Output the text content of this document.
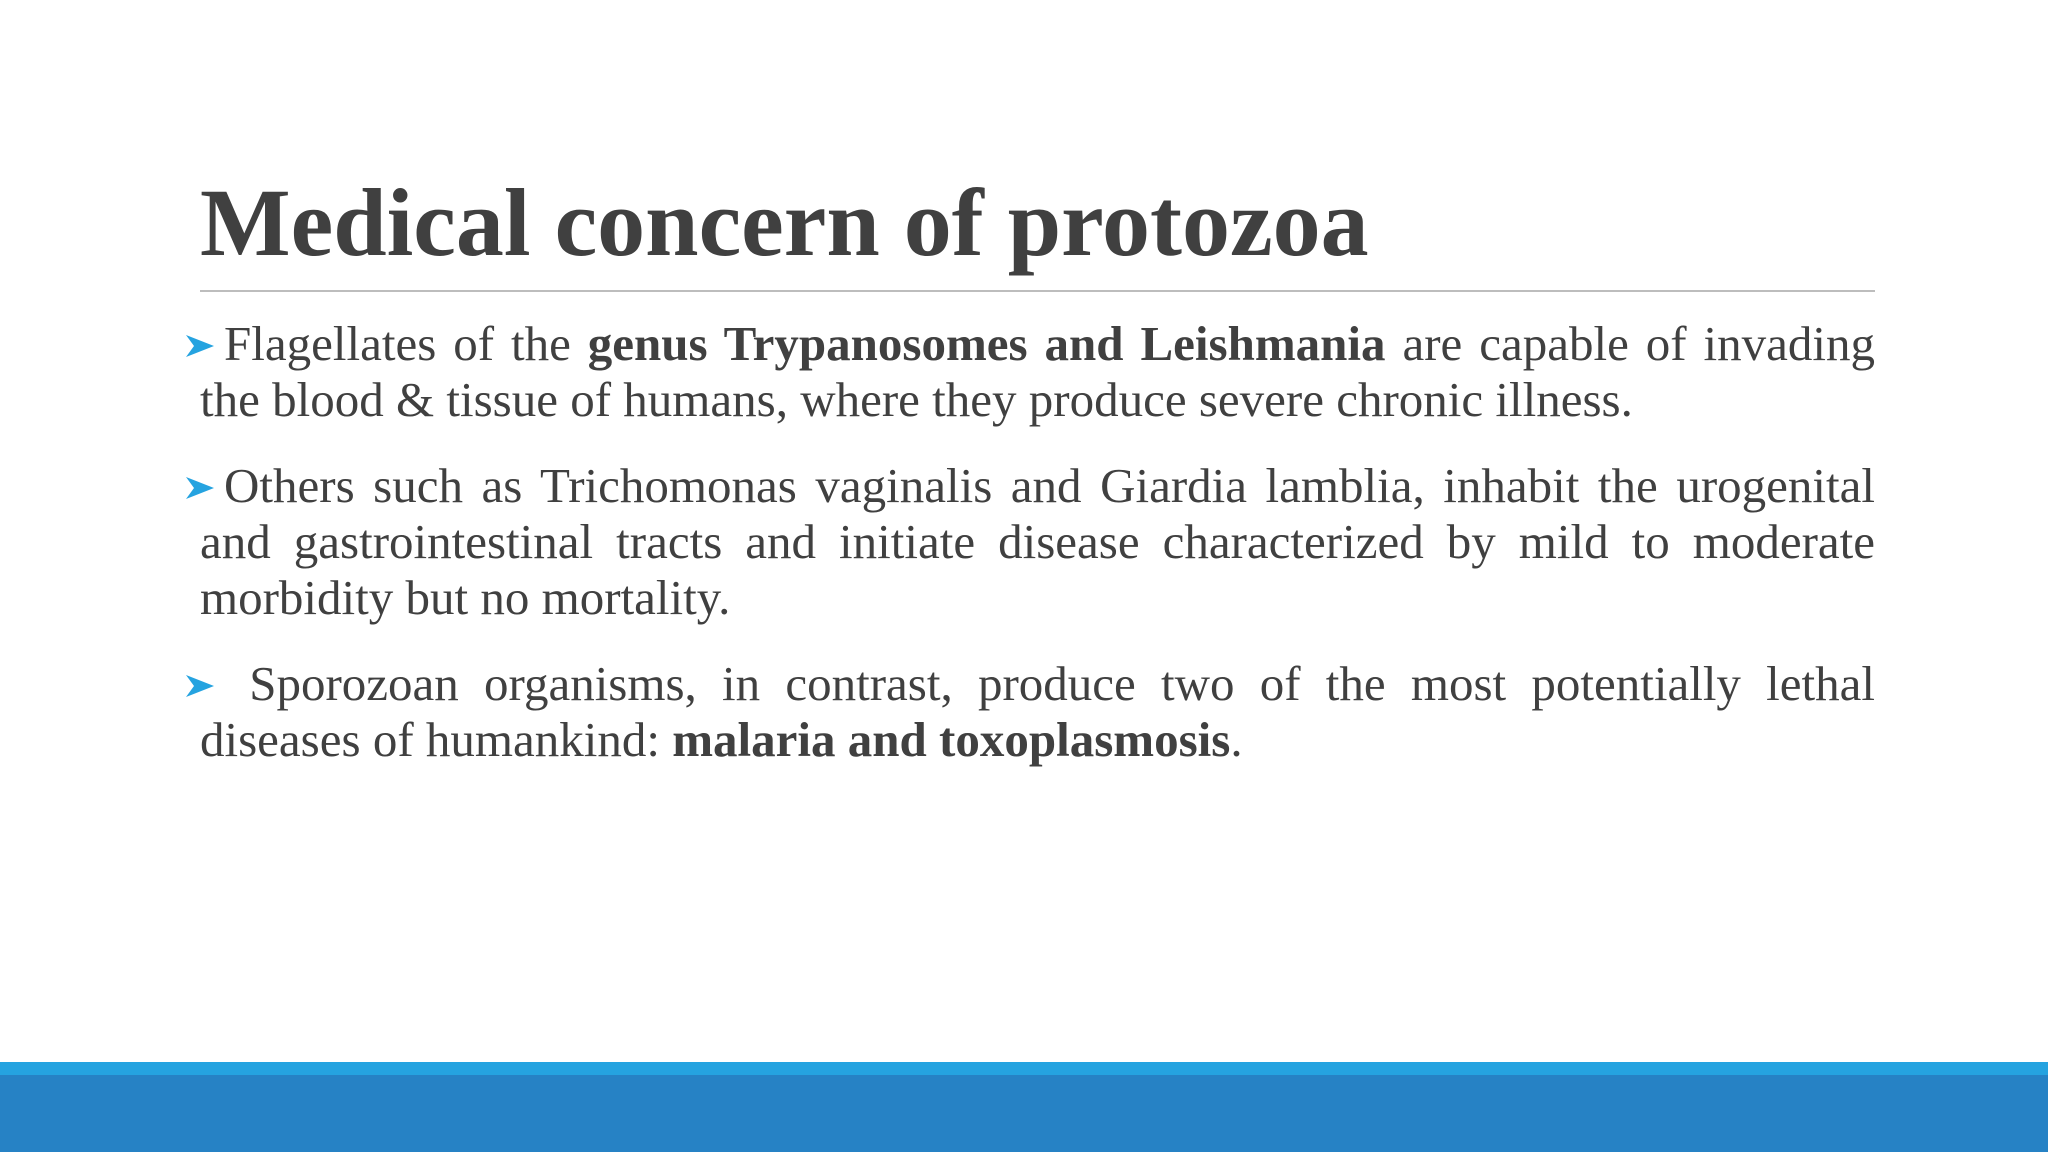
Medical concern of protozoa
Flagellates of the genus Trypanosomes and Leishmania are capable of invading the blood & tissue of humans, where they produce severe chronic illness.
Others such as Trichomonas vaginalis and Giardia lamblia, inhabit the urogenital and gastrointestinal tracts and initiate disease characterized by mild to moderate morbidity but no mortality.
Sporozoan organisms, in contrast, produce two of the most potentially lethal diseases of humankind: malaria and toxoplasmosis.
